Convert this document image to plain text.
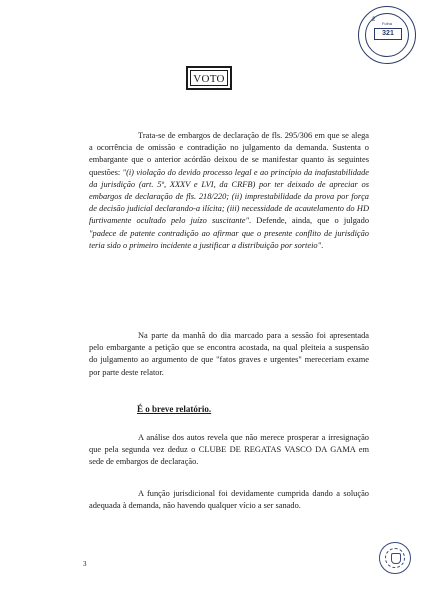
2
Folha
321
VOTO
Trata-se de embargos de declaração de fls. 295/306 em que se alega a ocorrência de omissão e contradição no julgamento da demanda. Sustenta o embargante que o anterior acórdão deixou de se manifestar quanto às seguintes questões: "(i) violação do devido processo legal e ao princípio da inafastabilidade da jurisdição (art. 5º, XXXV e LVI, da CRFB) por ter deixado de apreciar os embargos de declaração de fls. 218/220; (ii) imprestabilidade da prova por força de decisão judicial declarando-a ilícita; (iii) necessidade de acautelamento do HD furtivamente ocultado pelo juízo suscitante". Defende, ainda, que o julgado "padece de patente contradição ao afirmar que o presente conflito de jurisdição teria sido o primeiro incidente a justificar a distribuição por sorteio".
Na parte da manhã do dia marcado para a sessão foi apresentada pelo embargante a petição que se encontra acostada, na qual pleiteia a suspensão do julgamento ao argumento de que "fatos graves e urgentes" mereceriam exame por parte deste relator.
É o breve relatório.
A análise dos autos revela que não merece prosperar a irresignação que pela segunda vez deduz o CLUBE DE REGATAS VASCO DA GAMA em sede de embargos de declaração.
A função jurisdicional foi devidamente cumprida dando a solução adequada à demanda, não havendo qualquer vício a ser sanado.
3
